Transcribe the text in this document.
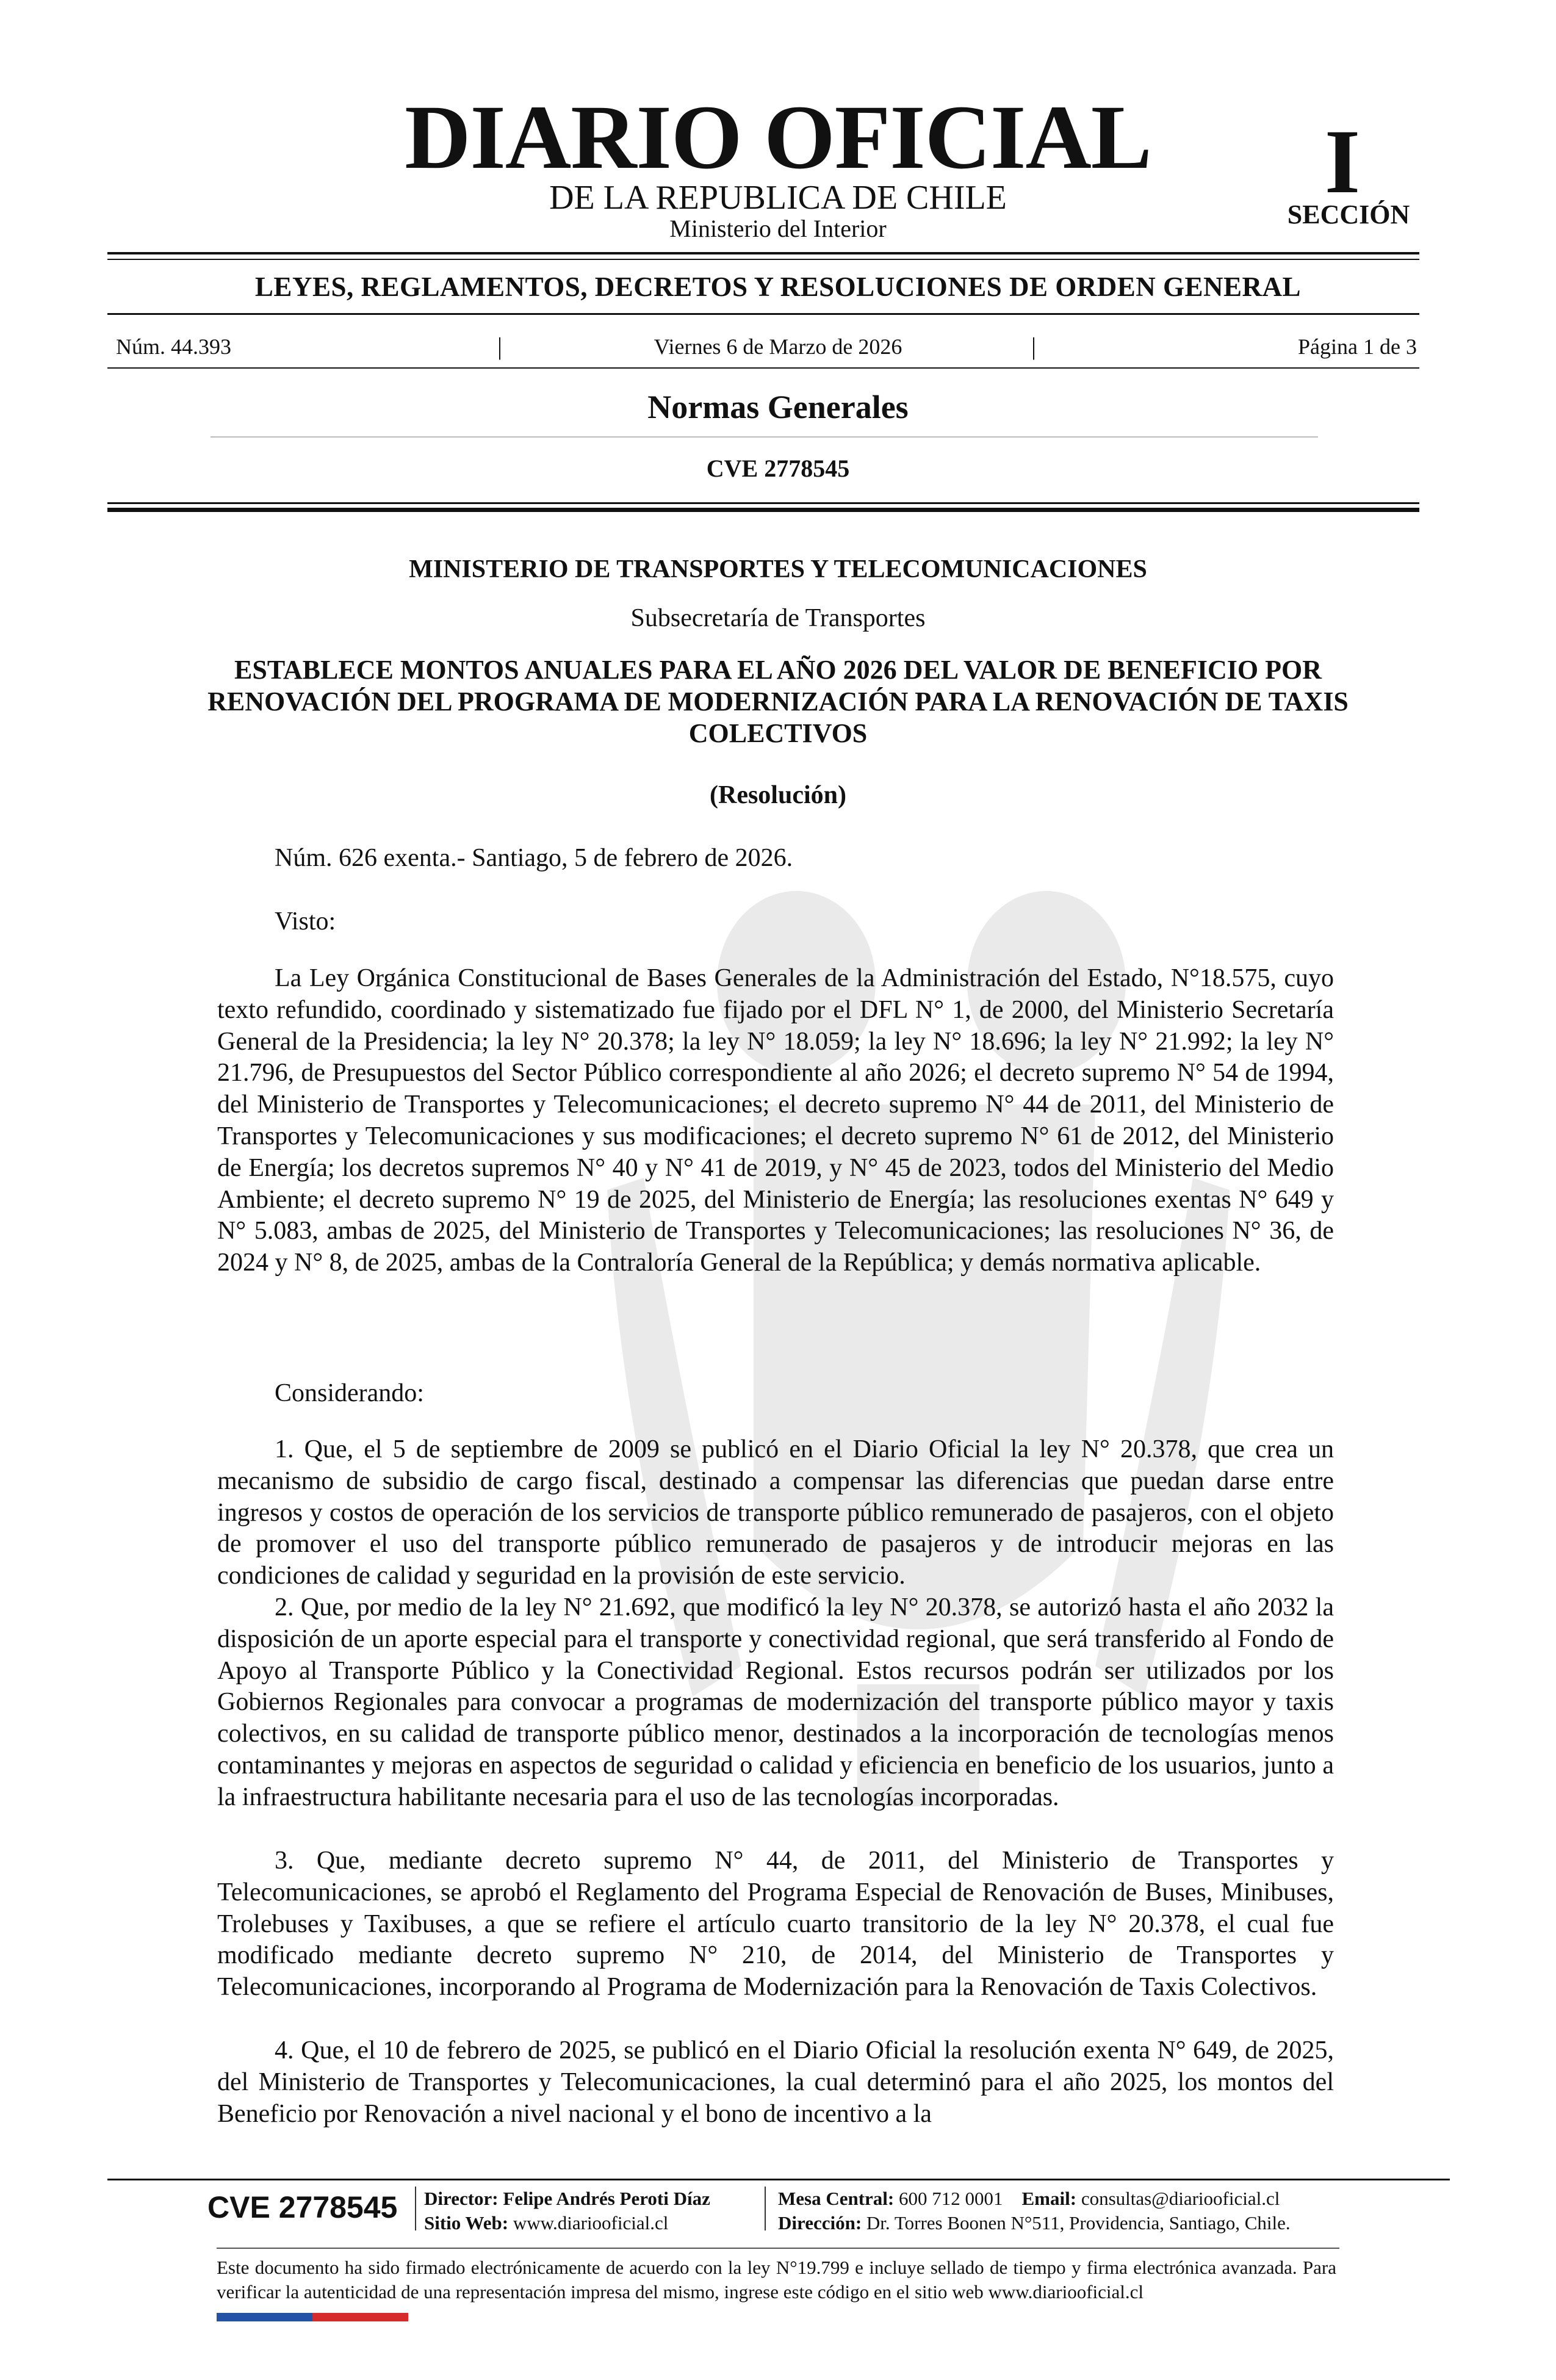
DIARIO OFICIAL
DE LA REPUBLICA DE CHILE
Ministerio del Interior
I
SECCIÓN
LEYES, REGLAMENTOS, DECRETOS Y RESOLUCIONES DE ORDEN GENERAL
Núm. 44.393	|	Viernes 6 de Marzo de 2026	|	Página 1 de 3
Normas Generales
CVE 2778545
MINISTERIO DE TRANSPORTES Y TELECOMUNICACIONES
Subsecretaría de Transportes
ESTABLECE MONTOS ANUALES PARA EL AÑO 2026 DEL VALOR DE BENEFICIO POR RENOVACIÓN DEL PROGRAMA DE MODERNIZACIÓN PARA LA RENOVACIÓN DE TAXIS COLECTIVOS
(Resolución)
Núm. 626 exenta.- Santiago, 5 de febrero de 2026.
Visto:

La Ley Orgánica Constitucional de Bases Generales de la Administración del Estado, N°18.575, cuyo texto refundido, coordinado y sistematizado fue fijado por el DFL N° 1, de 2000, del Ministerio Secretaría General de la Presidencia; la ley N° 20.378; la ley N° 18.059; la ley N° 18.696; la ley N° 21.992; la ley N° 21.796, de Presupuestos del Sector Público correspondiente al año 2026; el decreto supremo N° 54 de 1994, del Ministerio de Transportes y Telecomunicaciones; el decreto supremo N° 44 de 2011, del Ministerio de Transportes y Telecomunicaciones y sus modificaciones; el decreto supremo N° 61 de 2012, del Ministerio de Energía; los decretos supremos N° 40 y N° 41 de 2019, y N° 45 de 2023, todos del Ministerio del Medio Ambiente; el decreto supremo N° 19 de 2025, del Ministerio de Energía; las resoluciones exentas N° 649 y N° 5.083, ambas de 2025, del Ministerio de Transportes y Telecomunicaciones; las resoluciones N° 36, de 2024 y N° 8, de 2025, ambas de la Contraloría General de la República; y demás normativa aplicable.

Considerando:

1. Que, el 5 de septiembre de 2009 se publicó en el Diario Oficial la ley N° 20.378, que crea un mecanismo de subsidio de cargo fiscal, destinado a compensar las diferencias que puedan darse entre ingresos y costos de operación de los servicios de transporte público remunerado de pasajeros, con el objeto de promover el uso del transporte público remunerado de pasajeros y de introducir mejoras en las condiciones de calidad y seguridad en la provisión de este servicio.

2. Que, por medio de la ley N° 21.692, que modificó la ley N° 20.378, se autorizó hasta el año 2032 la disposición de un aporte especial para el transporte y conectividad regional, que será transferido al Fondo de Apoyo al Transporte Público y la Conectividad Regional. Estos recursos podrán ser utilizados por los Gobiernos Regionales para convocar a programas de modernización del transporte público mayor y taxis colectivos, en su calidad de transporte público menor, destinados a la incorporación de tecnologías menos contaminantes y mejoras en aspectos de seguridad o calidad y eficiencia en beneficio de los usuarios, junto a la infraestructura habilitante necesaria para el uso de las tecnologías incorporadas.

3. Que, mediante decreto supremo N° 44, de 2011, del Ministerio de Transportes y Telecomunicaciones, se aprobó el Reglamento del Programa Especial de Renovación de Buses, Minibuses, Trolebuses y Taxibuses, a que se refiere el artículo cuarto transitorio de la ley N° 20.378, el cual fue modificado mediante decreto supremo N° 210, de 2014, del Ministerio de Transportes y Telecomunicaciones, incorporando al Programa de Modernización para la Renovación de Taxis Colectivos.

4. Que, el 10 de febrero de 2025, se publicó en el Diario Oficial la resolución exenta N° 649, de 2025, del Ministerio de Transportes y Telecomunicaciones, la cual determinó para el año 2025, los montos del Beneficio por Renovación a nivel nacional y el bono de incentivo a la

CVE 2778545 Director: Felipe Andrés Peroti Díaz
Sitio Web: www.diariooficial.cl
Mesa Central: 600 712 0001 Email: consultas@diariooficial.cl
Dirección: Dr. Torres Boonen N°511, Providencia, Santiago, Chile.
Este documento ha sido firmado electrónicamente de acuerdo con la ley N°19.799 e incluye sellado de tiempo y firma electrónica avanzada. Para verificar la autenticidad de una representación impresa del mismo, ingrese este código en el sitio web www.diariooficial.cl
